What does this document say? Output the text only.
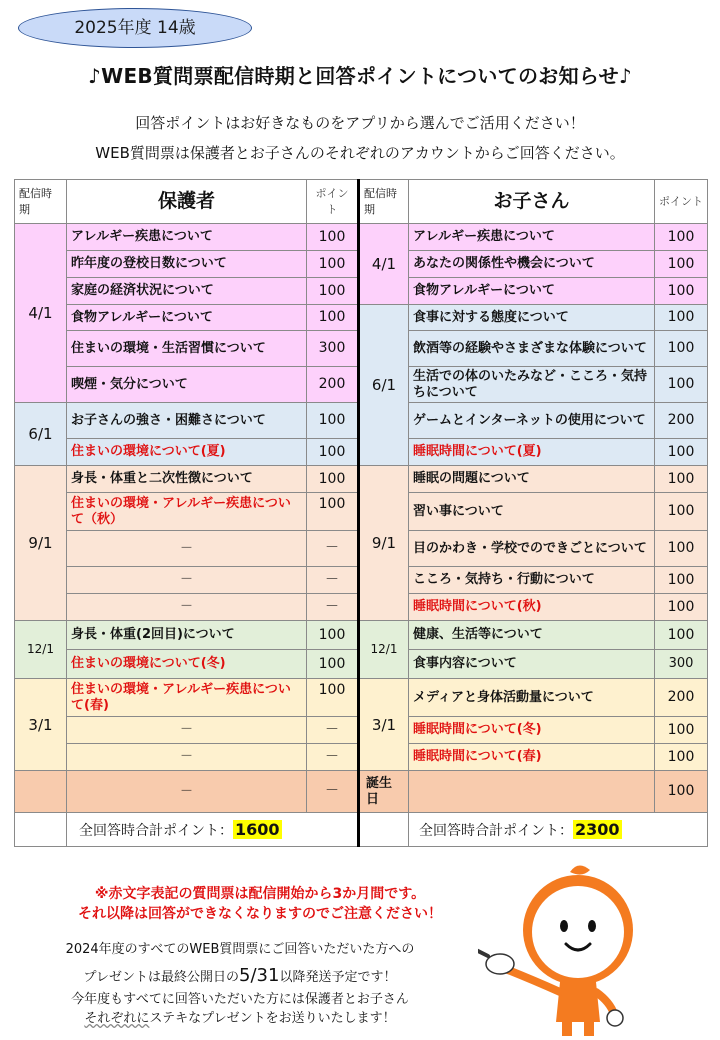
2025年度 14歳
♪WEB質問票配信時期と回答ポイントについてのお知らせ♪
回答ポイントはお好きなものをアプリから選んでご活用ください！
WEB質問票は保護者とお子さんのそれぞれのアカウントからご回答ください。
配信時期	保護者	ポイント	配信時期	お子さん	ポイント
4/1	アレルギー疾患について	100	4/1	アレルギー疾患について	100
	昨年度の登校日数について	100		あなたの関係性や機会について	100
	家庭の経済状況について	100		食物アレルギーについて	100
	食物アレルギーについて	100	6/1	食事に対する態度について	100
	住まいの環境・生活習慣について	300		飲酒等の経験やさまざまな体験について	100
	喫煙・気分について	200		生活での体のいたみなど・こころ・気持ちについて	100
6/1	お子さんの強さ・困難さについて	100		ゲームとインターネットの使用について	200
	住まいの環境について(夏)	100		睡眠時間について(夏)	100
9/1	身長・体重と二次性徴について	100	9/1	睡眠の問題について	100
	住まいの環境・アレルギー疾患について（秋）	100		習い事について	100
	－	－		目のかわき・学校でのできごとについて	100
	－	－		こころ・気持ち・行動について	100
	－	－		睡眠時間について(秋)	100
12/1	身長・体重(2回目)について	100	12/1	健康、生活等について	100
	住まいの環境について(冬)	100		食事内容について	300
3/1	住まいの環境・アレルギー疾患について(春)	100	3/1	メディアと身体活動量について	200
	－	－		睡眠時間について(冬)	100
	－	－		睡眠時間について(春)	100
	－	－	誕生日		100
	全回答時合計ポイント： 1600			全回答時合計ポイント： 2300	
※赤文字表記の質問票は配信開始から3か月間です。
それ以降は回答ができなくなりますのでご注意ください！
2024年度のすべてのWEB質問票にご回答いただいた方への
プレゼントは最終公開日の5/31以降発送予定です！
今年度もすべてに回答いただいた方には保護者とお子さん
それぞれにステキなプレゼントをお送りいたします！
